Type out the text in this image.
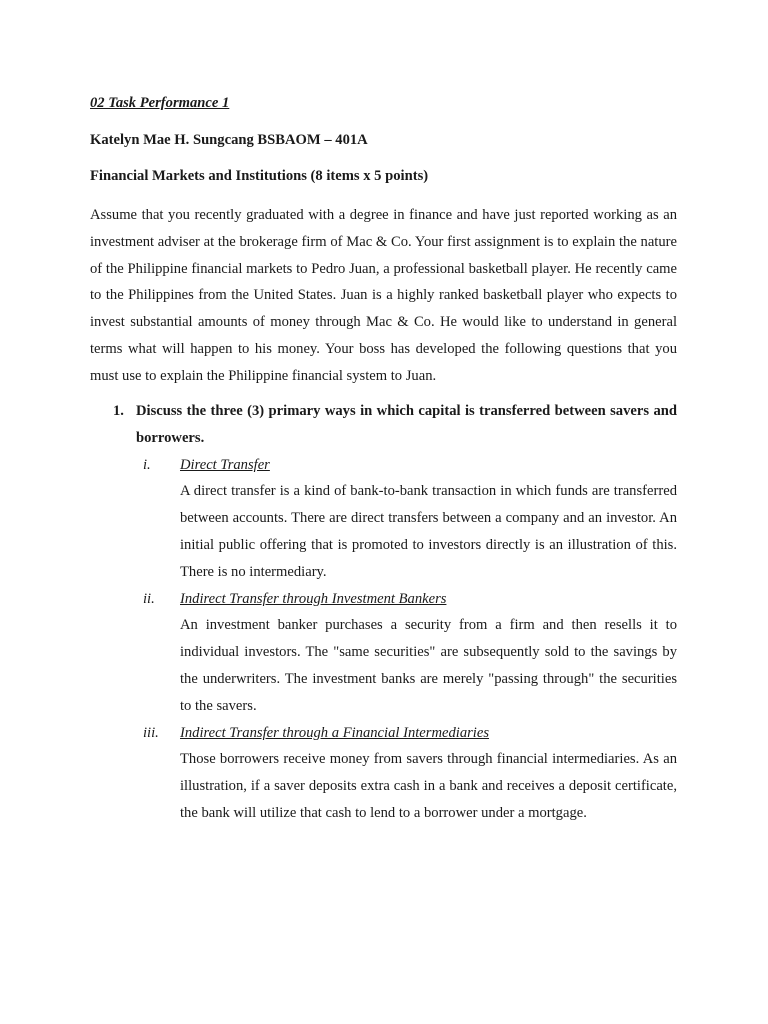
02 Task Performance 1

Katelyn Mae H. Sungcang BSBAOM – 401A

Financial Markets and Institutions (8 items x 5 points)

Assume that you recently graduated with a degree in finance and have just reported working as an investment adviser at the brokerage firm of Mac & Co. Your first assignment is to explain the nature of the Philippine financial markets to Pedro Juan, a professional basketball player. He recently came to the Philippines from the United States. Juan is a highly ranked basketball player who expects to invest substantial amounts of money through Mac & Co. He would like to understand in general terms what will happen to his money. Your boss has developed the following questions that you must use to explain the Philippine financial system to Juan.

1. Discuss the three (3) primary ways in which capital is transferred between savers and borrowers.

i. Direct Transfer

A direct transfer is a kind of bank-to-bank transaction in which funds are transferred between accounts. There are direct transfers between a company and an investor. An initial public offering that is promoted to investors directly is an illustration of this. There is no intermediary.

ii. Indirect Transfer through Investment Bankers

An investment banker purchases a security from a firm and then resells it to individual investors. The "same securities" are subsequently sold to the savings by the underwriters. The investment banks are merely "passing through" the securities to the savers.

iii. Indirect Transfer through a Financial Intermediaries

Those borrowers receive money from savers through financial intermediaries. As an illustration, if a saver deposits extra cash in a bank and receives a deposit certificate, the bank will utilize that cash to lend to a borrower under a mortgage.
